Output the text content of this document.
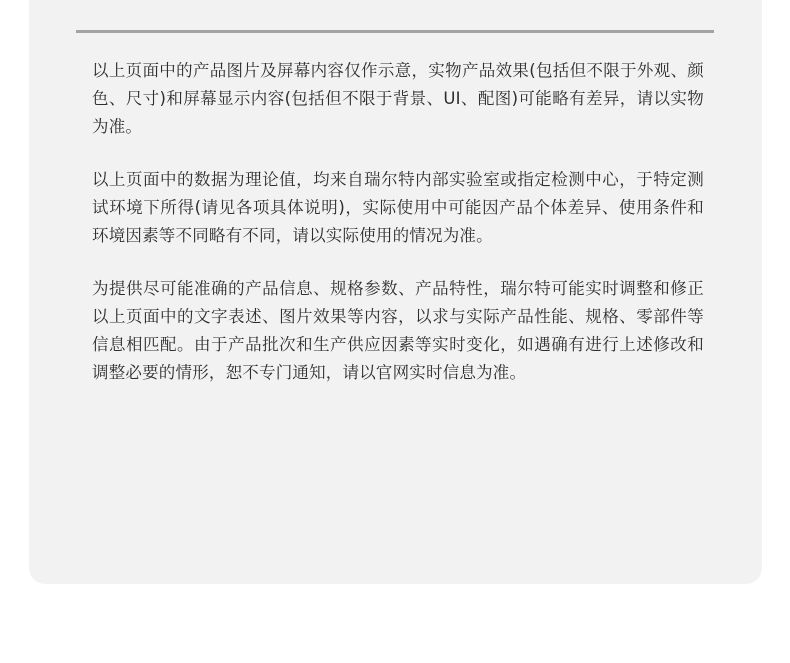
以上页面中的产品图片及屏幕内容仅作示意，实物产品效果(包括但不限于外观、颜色、尺寸)和屏幕显示内容(包括但不限于背景、UI、配图)可能略有差异，请以实物为准。

以上页面中的数据为理论值，均来自瑞尔特内部实验室或指定检测中心，于特定测试环境下所得(请见各项具体说明)，实际使用中可能因产品个体差异、使用条件和环境因素等不同略有不同，请以实际使用的情况为准。

为提供尽可能准确的产品信息、规格参数、产品特性，瑞尔特可能实时调整和修正以上页面中的文字表述、图片效果等内容，以求与实际产品性能、规格、零部件等信息相匹配。由于产品批次和生产供应因素等实时变化，如遇确有进行上述修改和调整必要的情形，恕不专门通知，请以官网实时信息为准。
